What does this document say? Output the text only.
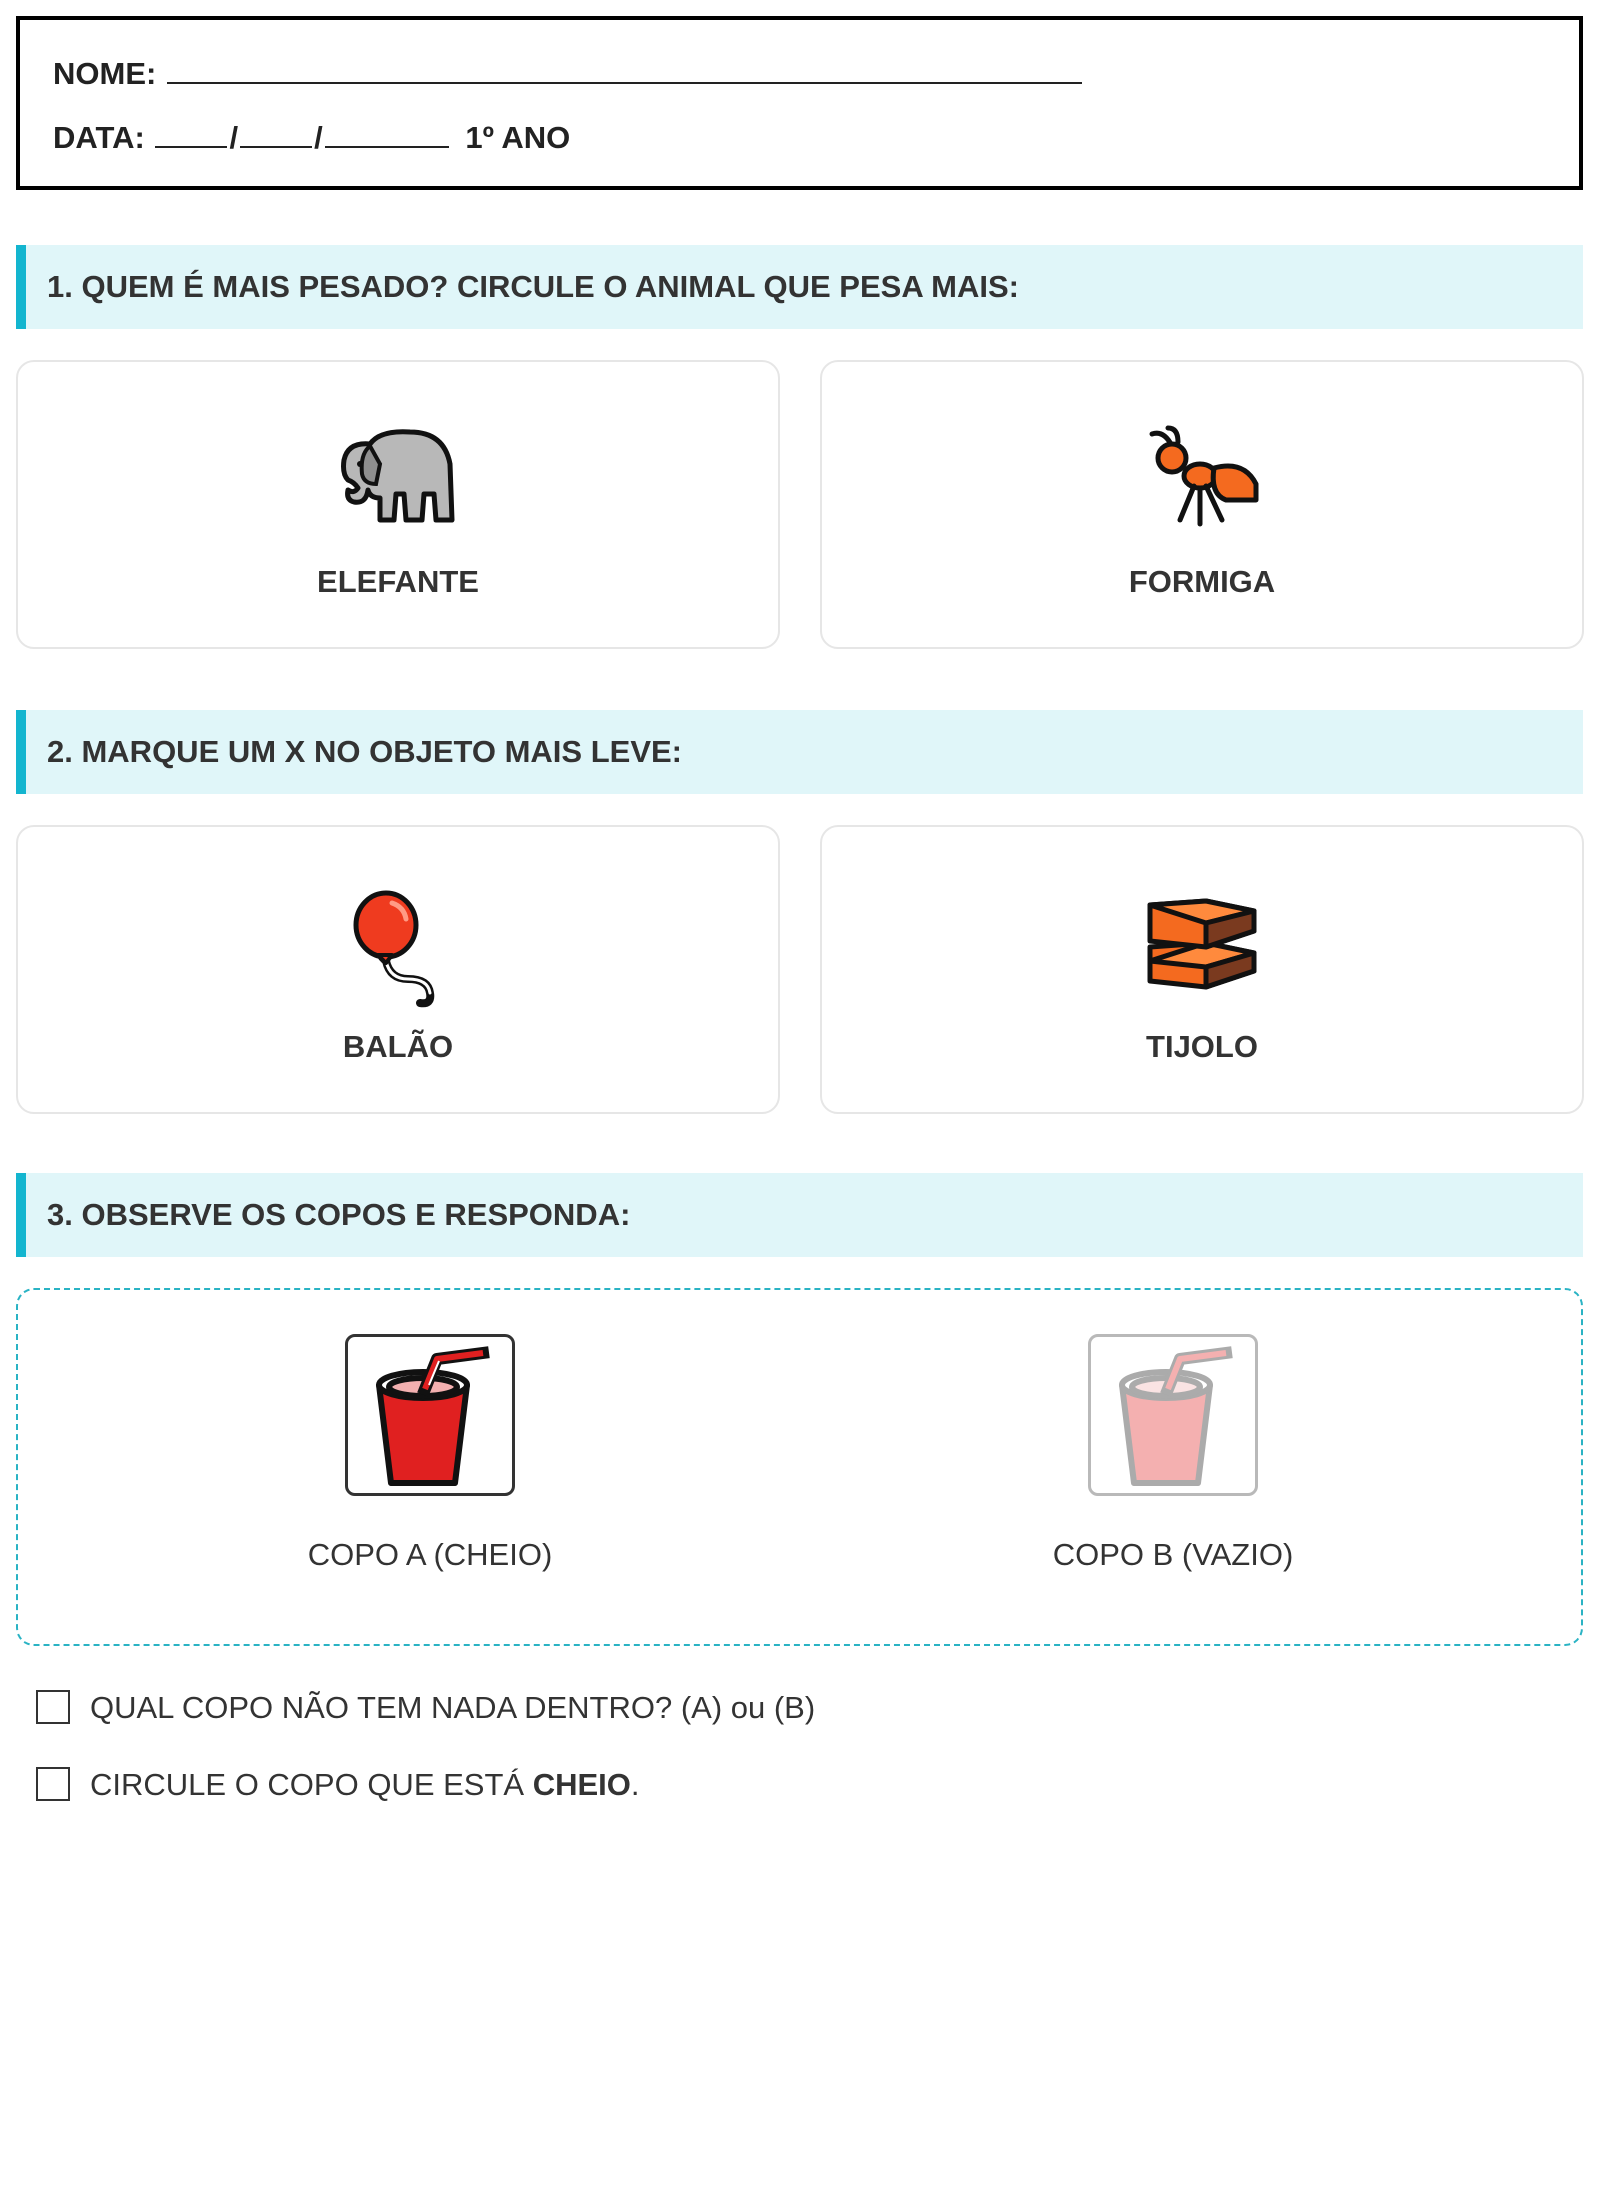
NOME:
DATA:	/ /	1º ANO
1. QUEM É MAIS PESADO? CIRCULE O ANIMAL QUE PESA MAIS:
ELEFANTE	FORMIGA
2. MARQUE UM X NO OBJETO MAIS LEVE:
BALÃO	TIJOLO
3. OBSERVE OS COPOS E RESPONDA:
COPO A (CHEIO)	COPO B (VAZIO)
QUAL COPO NÃO TEM NADA DENTRO? (A) ou (B)
CIRCULE O COPO QUE ESTÁ CHEIO.
